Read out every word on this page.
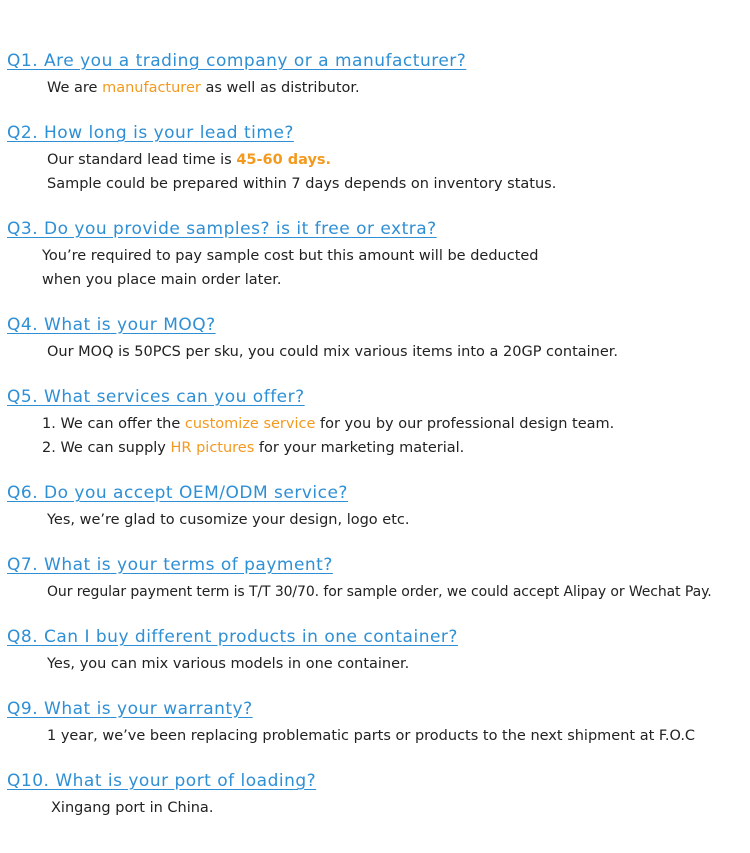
Q1. Are you a trading company or a manufacturer?
We are manufacturer as well as distributor.
Q2. How long is your lead time?
Our standard lead time is 45-60 days.
Sample could be prepared within 7 days depends on inventory status.
Q3. Do you provide samples? is it free or extra?
You’re required to pay sample cost but this amount will be deducted
when you place main order later.
Q4. What is your MOQ?
Our MOQ is 50PCS per sku, you could mix various items into a 20GP container.
Q5. What services can you offer?
1. We can offer the customize service for you by our professional design team.
2. We can supply HR pictures for your marketing material.
Q6. Do you accept OEM/ODM service?
Yes, we’re glad to cusomize your design, logo etc.
Q7. What is your terms of payment?
Our regular payment term is T/T 30/70. for sample order, we could accept Alipay or Wechat Pay.
Q8. Can I buy different products in one container?
Yes, you can mix various models in one container.
Q9. What is your warranty?
1 year, we’ve been replacing problematic parts or products to the next shipment at F.O.C
Q10. What is your port of loading?
Xingang port in China.
